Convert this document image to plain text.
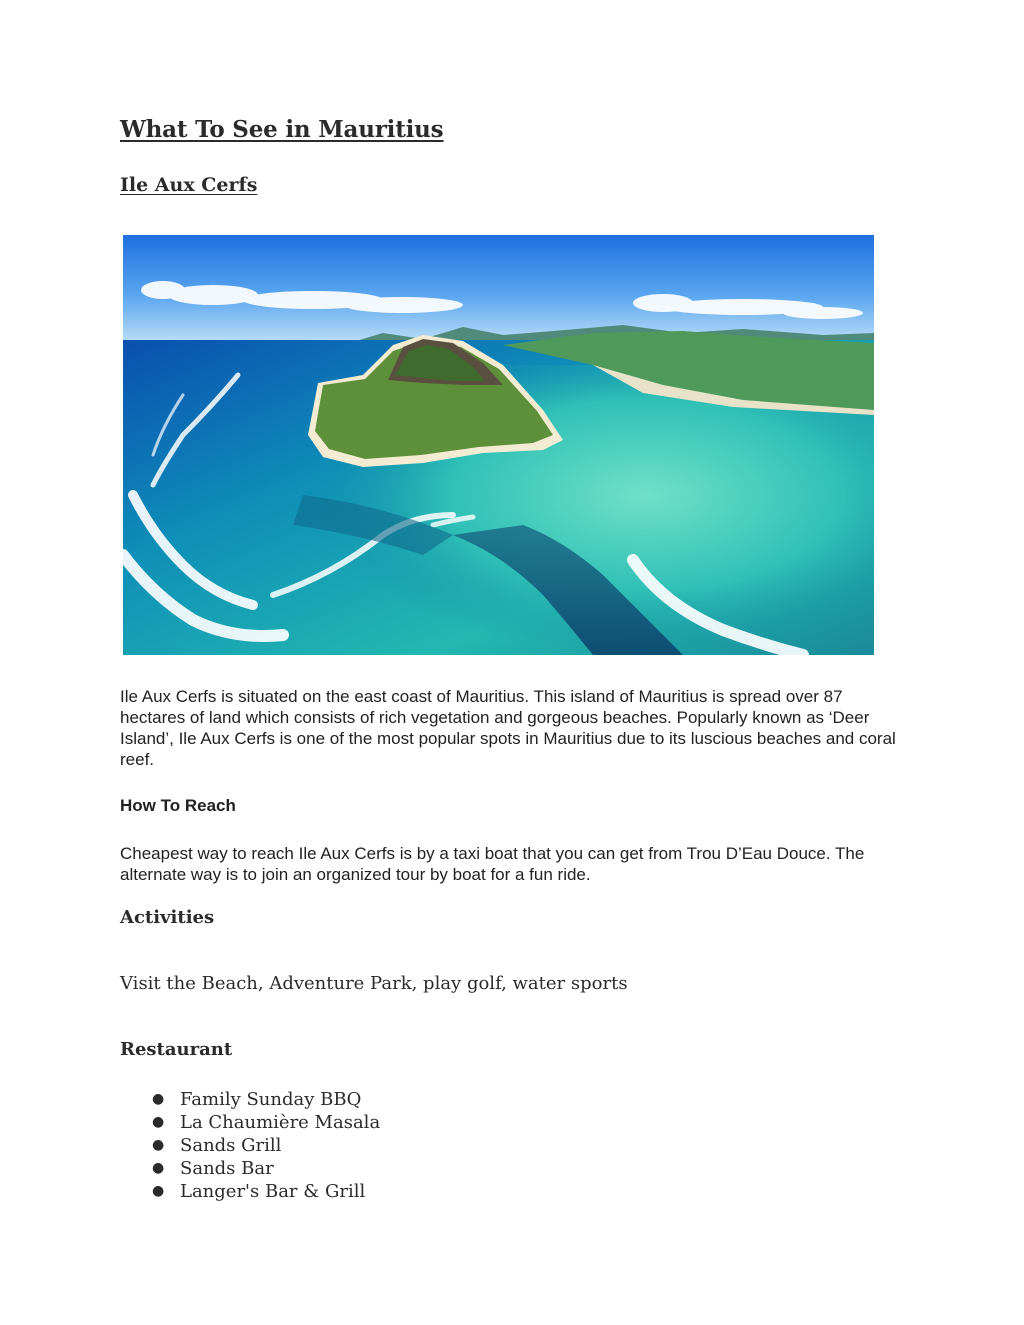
What To See in Mauritius
Ile Aux Cerfs

Ile Aux Cerfs is situated on the east coast of Mauritius. This island of Mauritius is spread over 87 hectares of land which consists of rich vegetation and gorgeous beaches. Popularly known as ‘Deer Island’, Ile Aux Cerfs is one of the most popular spots in Mauritius due to its luscious beaches and coral reef.

How To Reach

Cheapest way to reach Ile Aux Cerfs is by a taxi boat that you can get from Trou D’Eau Douce. The alternate way is to join an organized tour by boat for a fun ride.

Activities

Visit the Beach, Adventure Park, play golf, water sports

Restaurant
● Family Sunday BBQ
● La Chaumière Masala
● Sands Grill
● Sands Bar
● Langer's Bar & Grill
